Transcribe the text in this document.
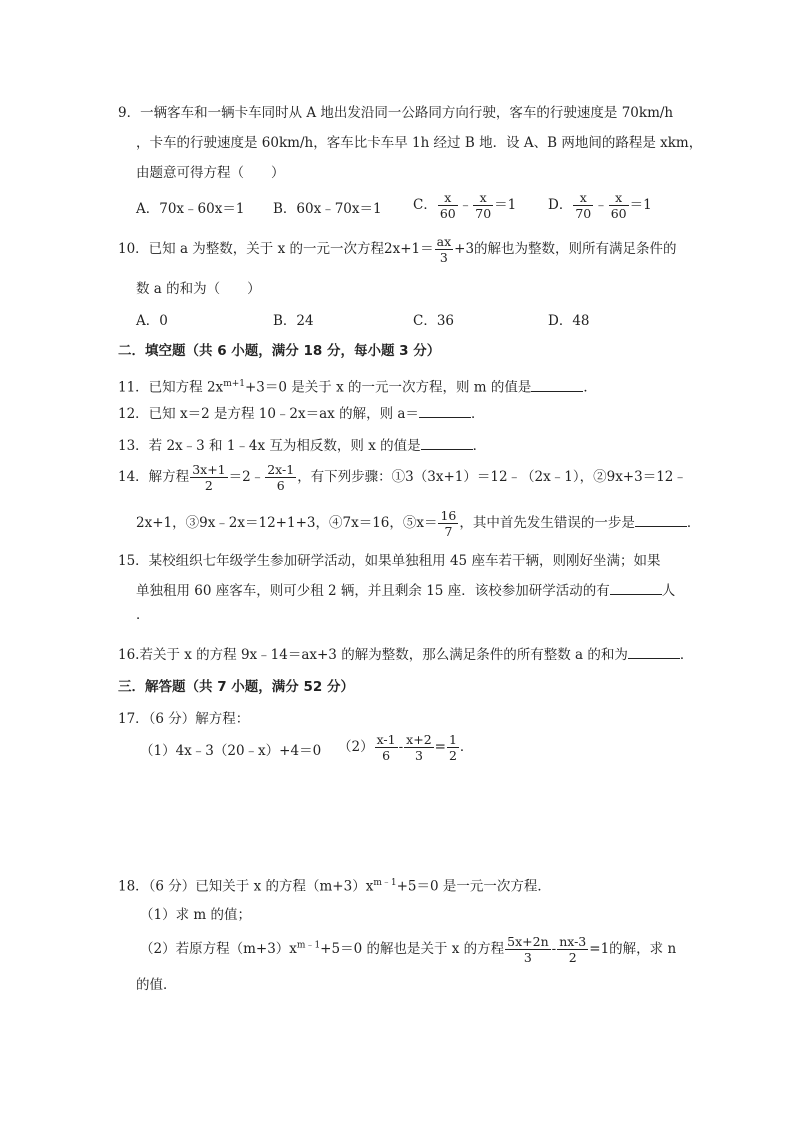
9．一辆客车和一辆卡车同时从 A 地出发沿同一公路同方向行驶，客车的行驶速度是 70km/h
，卡车的行驶速度是 60km/h，客车比卡车早 1h 经过 B 地．设 A、B 两地间的路程是 xkm，
由题意可得方程（　　）
A．70x﹣60x＝1 B．60x﹣70x＝1 C． $\frac{x}{60}$ ﹣ $\frac{x}{70} =1$ D． $\frac{x}{70}$ ﹣ $\frac{x}{60} =1$
10．已知 a 为整数，关于 x 的一元一次方程$2x+1= \frac{ax}{3} +3$的解也为整数，则所有满足条件的
数 a 的和为（　　）
A．0	B．24	C．36	D．48
二．填空题（共 6 小题，满分 18 分，每小题 3 分）
11．已知方程 $2x^{m+1}+3=0$ 是关于 x 的一元一次方程，则 m 的值是	．
12．已知 x＝2 是方程 10﹣2x＝ax 的解，则 a＝	．
13．若 2x﹣3 和 1﹣4x 互为相反数，则 x 的值是	．
14．解方程 $\frac{3x+1}{2}$ ＝2﹣ $\frac{2x-1}{6}$ ，有下列步骤：①3（3x+1）＝12﹣（2x﹣1），②9x+3＝12﹣
2x+1，③9x﹣2x＝12+1+3，④7x＝16，⑤x＝ $\frac{16}{7}$ ，其中首先发生错误的一步是	．
15．某校组织七年级学生参加研学活动，如果单独租用 45 座车若干辆，则刚好坐满；如果
单独租用 60 座客车，则可少租 2 辆，并且剩余 15 座．该校参加研学活动的有	人
．
16.若关于 x 的方程 9x﹣14＝ax+3 的解为整数，那么满足条件的所有整数 a 的和为	．
三．解答题（共 7 小题，满分 52 分）
17．（6 分）解方程：
（1）4x﹣3（20﹣x）+4＝0 $(2) \frac{x-1}{6} - \frac{x+2}{3} = \frac{1}{2}$ ．
18．（6 分）已知关于 x 的方程$(m+3)x^{m﹣1}+5=0$ 是一元一次方程．
（1）求 m 的值；
（2）若原方程$(m+3)x^{m﹣1}+5=0$ 的解也是关于 x 的方程 $\frac{5x+2n}{3} - \frac{nx-3}{2} =1$的解，求 n
的值．
